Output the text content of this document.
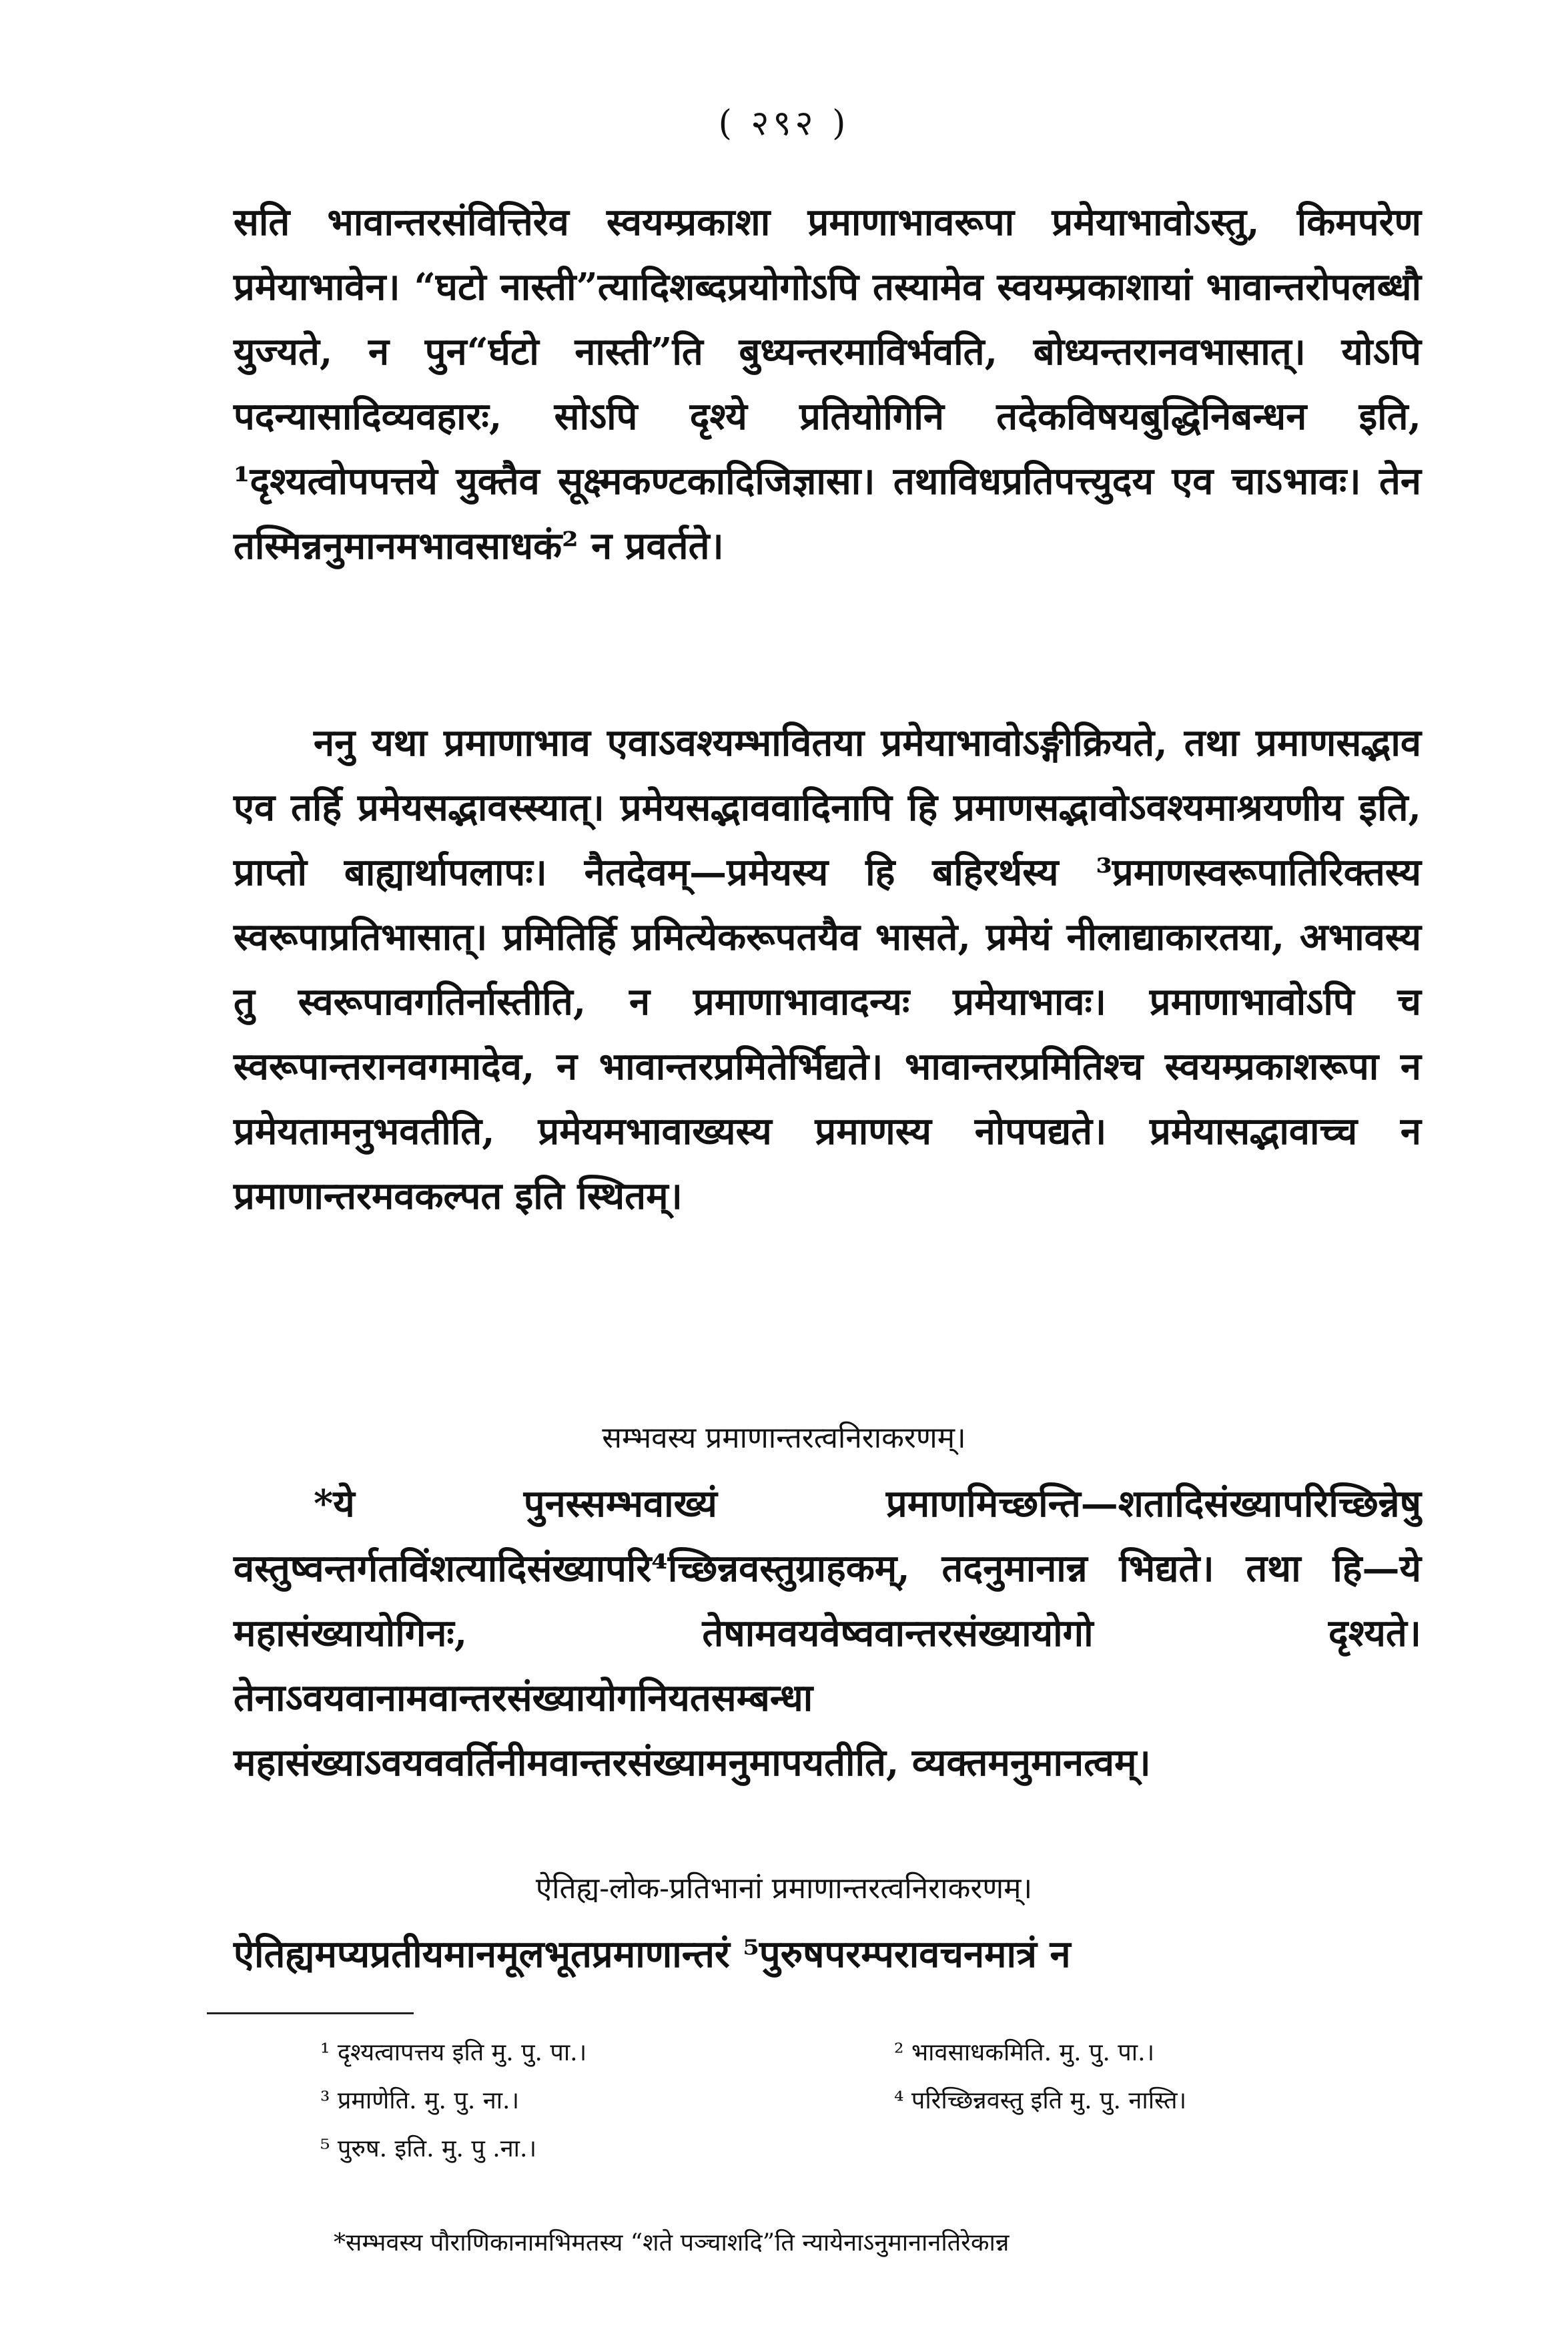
( २९२ )
सति भावान्तरसंवित्तिरेव स्वयम्प्रकाशा प्रमाणाभावरूपा प्रमेयाभावोऽस्तु, किमपरेण प्रमेयाभावेन। “घटो नास्ती”त्यादिशब्दप्रयोगोऽपि तस्यामेव स्वयम्प्रकाशायां भावान्तरोपलब्धौ युज्यते, न पुन“र्घटो नास्ती”ति बुध्यन्तरमाविर्भवति, बोध्यन्तरानवभासात्। योऽपि पदन्यासादिव्यवहारः, सोऽपि दृश्ये प्रतियोगिनि तदेकविषयबुद्धिनिबन्धन इति, ¹दृश्यत्वोपपत्तये युक्तैव सूक्ष्मकण्टकादिजिज्ञासा। तथाविधप्रतिपत्त्युदय एव चाऽभावः। तेन तस्मिन्ननुमानमभावसाधकं² न प्रवर्तते।
ननु यथा प्रमाणाभाव एवाऽवश्यम्भावितया प्रमेयाभावोऽङ्गीक्रियते, तथा प्रमाणसद्भाव एव तर्हि प्रमेयसद्भावस्स्यात्। प्रमेयसद्भाववादिनापि हि प्रमाणसद्भावोऽवश्यमाश्रयणीय इति, प्राप्तो बाह्यार्थापलापः। नैतदेवम्—प्रमेयस्य हि बहिरर्थस्य ³प्रमाणस्वरूपातिरिक्तस्य स्वरूपाप्रतिभासात्। प्रमितिर्हि प्रमित्येकरूपतयैव भासते, प्रमेयं नीलाद्याकारतया, अभावस्य तु स्वरूपावगतिर्नास्तीति, न प्रमाणाभावादन्यः प्रमेयाभावः। प्रमाणाभावोऽपि च स्वरूपान्तरानवगमादेव, न भावान्तरप्रमितेर्भिद्यते। भावान्तरप्रमितिश्च स्वयम्प्रकाशरूपा न प्रमेयतामनुभवतीति, प्रमेयमभावाख्यस्य प्रमाणस्य नोपपद्यते। प्रमेयासद्भावाच्च न प्रमाणान्तरमवकल्पत इति स्थितम्।
सम्भवस्य प्रमाणान्तरत्वनिराकरणम्।
*ये पुनस्सम्भवाख्यं प्रमाणमिच्छन्ति—शतादिसंख्यापरिच्छिन्नेषु वस्तुष्वन्तर्गतविंशत्यादिसंख्यापरि⁴च्छिन्नवस्तुग्राहकम्, तदनुमानान्न भिद्यते। तथा हि—ये महासंख्यायोगिनः, तेषामवयवेष्ववान्तरसंख्यायोगो दृश्यते। तेनाऽवयवानामवान्तरसंख्यायोगनियतसम्बन्धा महासंख्याऽवयववर्तिनीमवान्तरसंख्यामनुमापयतीति, व्यक्तमनुमानत्वम्।
ऐतिह्य-लोक-प्रतिभानां प्रमाणान्तरत्वनिराकरणम्।
ऐतिह्यमप्यप्रतीयमानमूलभूतप्रमाणान्तरं ⁵पुरुषपरम्परावचनमात्रं न
¹ दृश्यत्वापत्तय इति मु. पु. पा.।	² भावसाधकमिति. मु. पु. पा.।
³ प्रमाणेति. मु. पु. ना.।	⁴ परिच्छिन्नवस्तु इति मु. पु. नास्ति।
⁵ पुरुष. इति. मु. पु .ना.।
*सम्भवस्य पौराणिकानामभिमतस्य “शते पञ्चाशदि”ति न्यायेनाऽनुमानानतिरेकान्न
